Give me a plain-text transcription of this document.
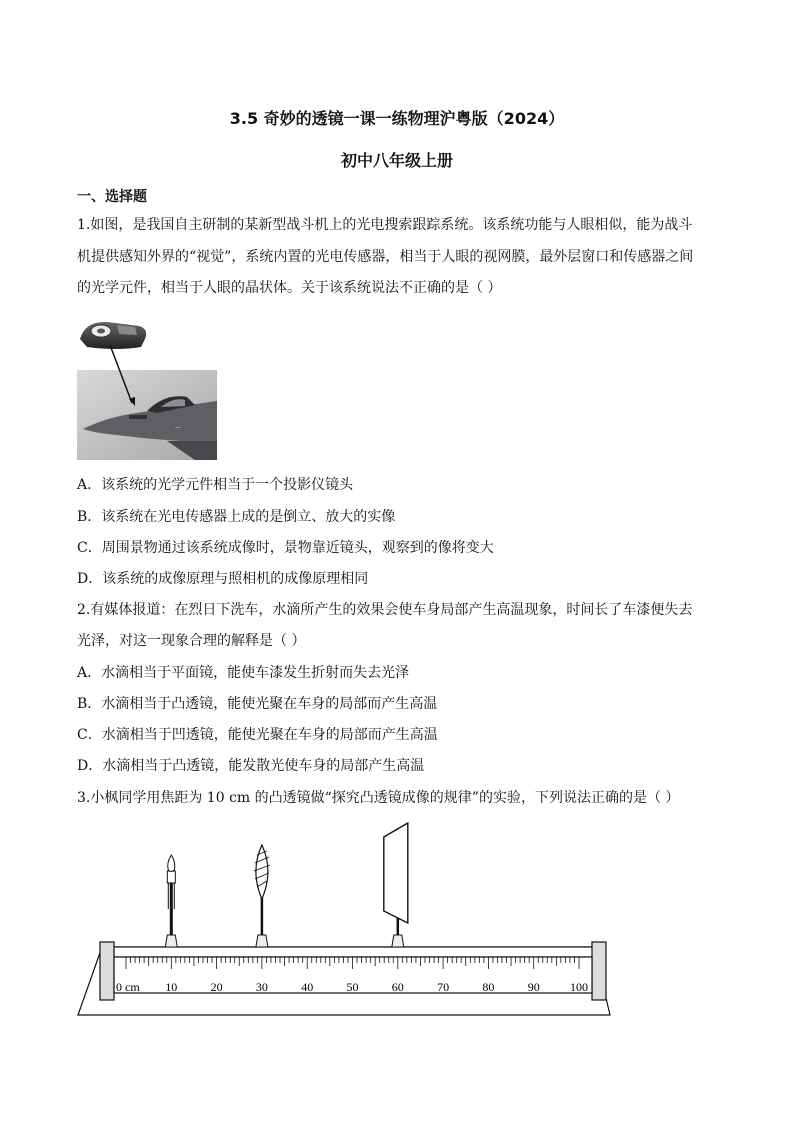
3.5 奇妙的透镜一课一练物理沪粤版（2024）
初中八年级上册
一、选择题
1.如图，是我国自主研制的某新型战斗机上的光电搜索跟踪系统。该系统功能与人眼相似，能为战斗
机提供感知外界的“视觉”，系统内置的光电传感器，相当于人眼的视网膜，最外层窗口和传感器之间
的光学元件，相当于人眼的晶状体。关于该系统说法不正确的是（ ）
—
A．该系统的光学元件相当于一个投影仪镜头
B．该系统在光电传感器上成的是倒立、放大的实像
C．周围景物通过该系统成像时，景物靠近镜头，观察到的像将变大
D．该系统的成像原理与照相机的成像原理相同
2.有媒体报道：在烈日下洗车，水滴所产生的效果会使车身局部产生高温现象，时间长了车漆便失去
光泽，对这一现象合理的解释是（ ）
A．水滴相当于平面镜，能使车漆发生折射而失去光泽
B．水滴相当于凸透镜，能使光聚在车身的局部而产生高温
C．水滴相当于凹透镜，能使光聚在车身的局部而产生高温
D．水滴相当于凸透镜，能发散光使车身的局部产生高温
3.小枫同学用焦距为 10 cm 的凸透镜做“探究凸透镜成像的规律”的实验，下列说法正确的是（ ）
0 cm 10	20	30	40	50	60	70	80	90	100
